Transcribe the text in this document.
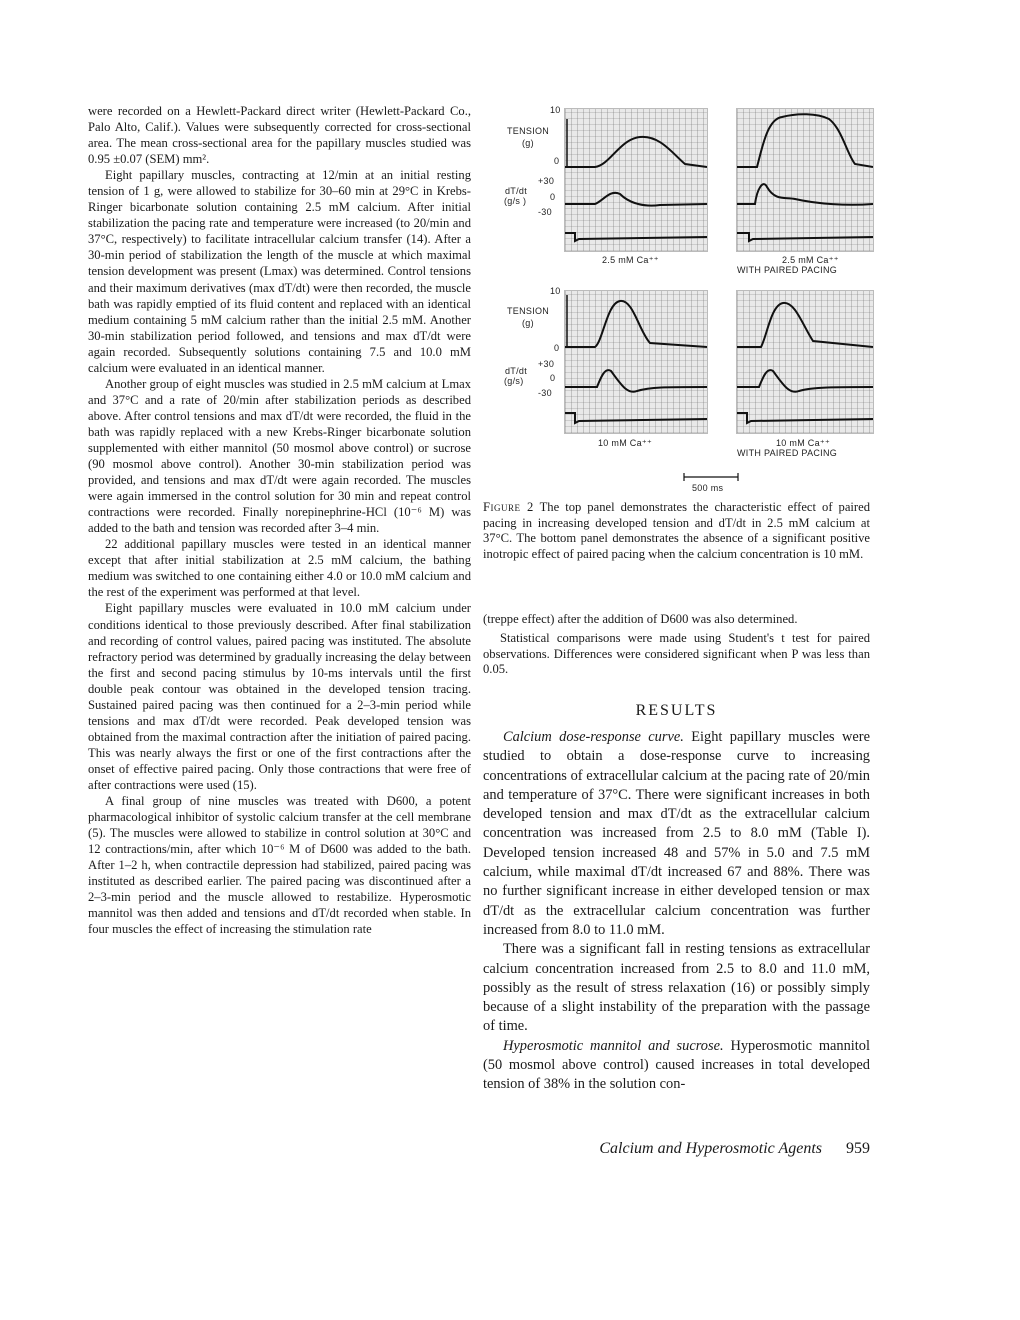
were recorded on a Hewlett-Packard direct writer (Hewlett-Packard Co., Palo Alto, Calif.). Values were subsequently corrected for cross-sectional area. The mean cross-sectional area for the papillary muscles studied was 0.95 ±0.07 (SEM) mm².

Eight papillary muscles, contracting at 12/min at an initial resting tension of 1 g, were allowed to stabilize for 30–60 min at 29°C in Krebs-Ringer bicarbonate solution containing 2.5 mM calcium. After initial stabilization the pacing rate and temperature were increased (to 20/min and 37°C, respectively) to facilitate intracellular calcium transfer (14). After a 30-min period of stabilization the length of the muscle at which maximal tension development was present (Lmax) was determined. Control tensions and their maximum derivatives (max dT/dt) were then recorded, the muscle bath was rapidly emptied of its fluid content and replaced with an identical medium containing 5 mM calcium rather than the initial 2.5 mM. Another 30-min stabilization period followed, and tensions and max dT/dt were again recorded. Subsequently solutions containing 7.5 and 10.0 mM calcium were evaluated in an identical manner.

Another group of eight muscles was studied in 2.5 mM calcium at Lmax and 37°C and a rate of 20/min after stabilization periods as described above. After control tensions and max dT/dt were recorded, the fluid in the bath was rapidly replaced with a new Krebs-Ringer bicarbonate solution supplemented with either mannitol (50 mosmol above control) or sucrose (90 mosmol above control). Another 30-min stabilization period was provided, and tensions and max dT/dt were again recorded. The muscles were again immersed in the control solution for 30 min and repeat control contractions were recorded. Finally norepinephrine-HCl (10⁻⁶ M) was added to the bath and tension was recorded after 3–4 min.

22 additional papillary muscles were tested in an identical manner except that after initial stabilization at 2.5 mM calcium, the bathing medium was switched to one containing either 4.0 or 10.0 mM calcium and the rest of the experiment was performed at that level.

Eight papillary muscles were evaluated in 10.0 mM calcium under conditions identical to those previously described. After final stabilization and recording of control values, paired pacing was instituted. The absolute refractory period was determined by gradually increasing the delay between the first and second pacing stimulus by 10-ms intervals until the first double peak contour was obtained in the developed tension tracing. Sustained paired pacing was then continued for a 2–3-min period while tensions and max dT/dt were recorded. Peak developed tension was obtained from the maximal contraction after the initiation of paired pacing. This was nearly always the first or one of the first contractions after the onset of effective paired pacing. Only those contractions that were free of after contractions were used (15).

A final group of nine muscles was treated with D600, a potent pharmacological inhibitor of systolic calcium transfer at the cell membrane (5). The muscles were allowed to stabilize in control solution at 30°C and 12 contractions/min, after which 10⁻⁶ M of D600 was added to the bath. After 1–2 h, when contractile depression had stabilized, paired pacing was instituted as described earlier. The paired pacing was discontinued after a 2–3-min period and the muscle allowed to restabilize. Hyperosmotic mannitol was then added and tensions and dT/dt recorded when stable. In four muscles the effect of increasing the stimulation rate

10
TENSION
(g)
0
+30
dT/dt
(g/s )	0
-30
2.5 mM Ca⁺⁺	2.5 mM Ca⁺⁺
WITH PAIRED PACING
10
TENSION
(g)
0
+30
dT/dt
(g/s)	0
-30
10 mM Ca⁺⁺	10 mM Ca⁺⁺
WITH PAIRED PACING
500 ms
Figure 2 The top panel demonstrates the characteristic effect of paired pacing in increasing developed tension and dT/dt in 2.5 mM calcium at 37°C. The bottom panel demonstrates the absence of a significant positive inotropic effect of paired pacing when the calcium concentration is 10 mM.

(treppe effect) after the addition of D600 was also determined.

Statistical comparisons were made using Student's t test for paired observations. Differences were considered significant when P was less than 0.05.

RESULTS

Calcium dose-response curve. Eight papillary muscles were studied to obtain a dose-response curve to increasing concentrations of extracellular calcium at the pacing rate of 20/min and temperature of 37°C. There were significant increases in both developed tension and max dT/dt as the extracellular calcium concentration was increased from 2.5 to 8.0 mM (Table I). Developed tension increased 48 and 57% in 5.0 and 7.5 mM calcium, while maximal dT/dt increased 67 and 88%. There was no further significant increase in either developed tension or max dT/dt as the extracellular calcium concentration was further increased from 8.0 to 11.0 mM.

There was a significant fall in resting tensions as extracellular calcium concentration increased from 2.5 to 8.0 and 11.0 mM, possibly as the result of stress relaxation (16) or possibly simply because of a slight instability of the preparation with the passage of time.

Hyperosmotic mannitol and sucrose. Hyperosmotic mannitol (50 mosmol above control) caused increases in total developed tension of 38% in the solution con-

Calcium and Hyperosmotic Agents 959
